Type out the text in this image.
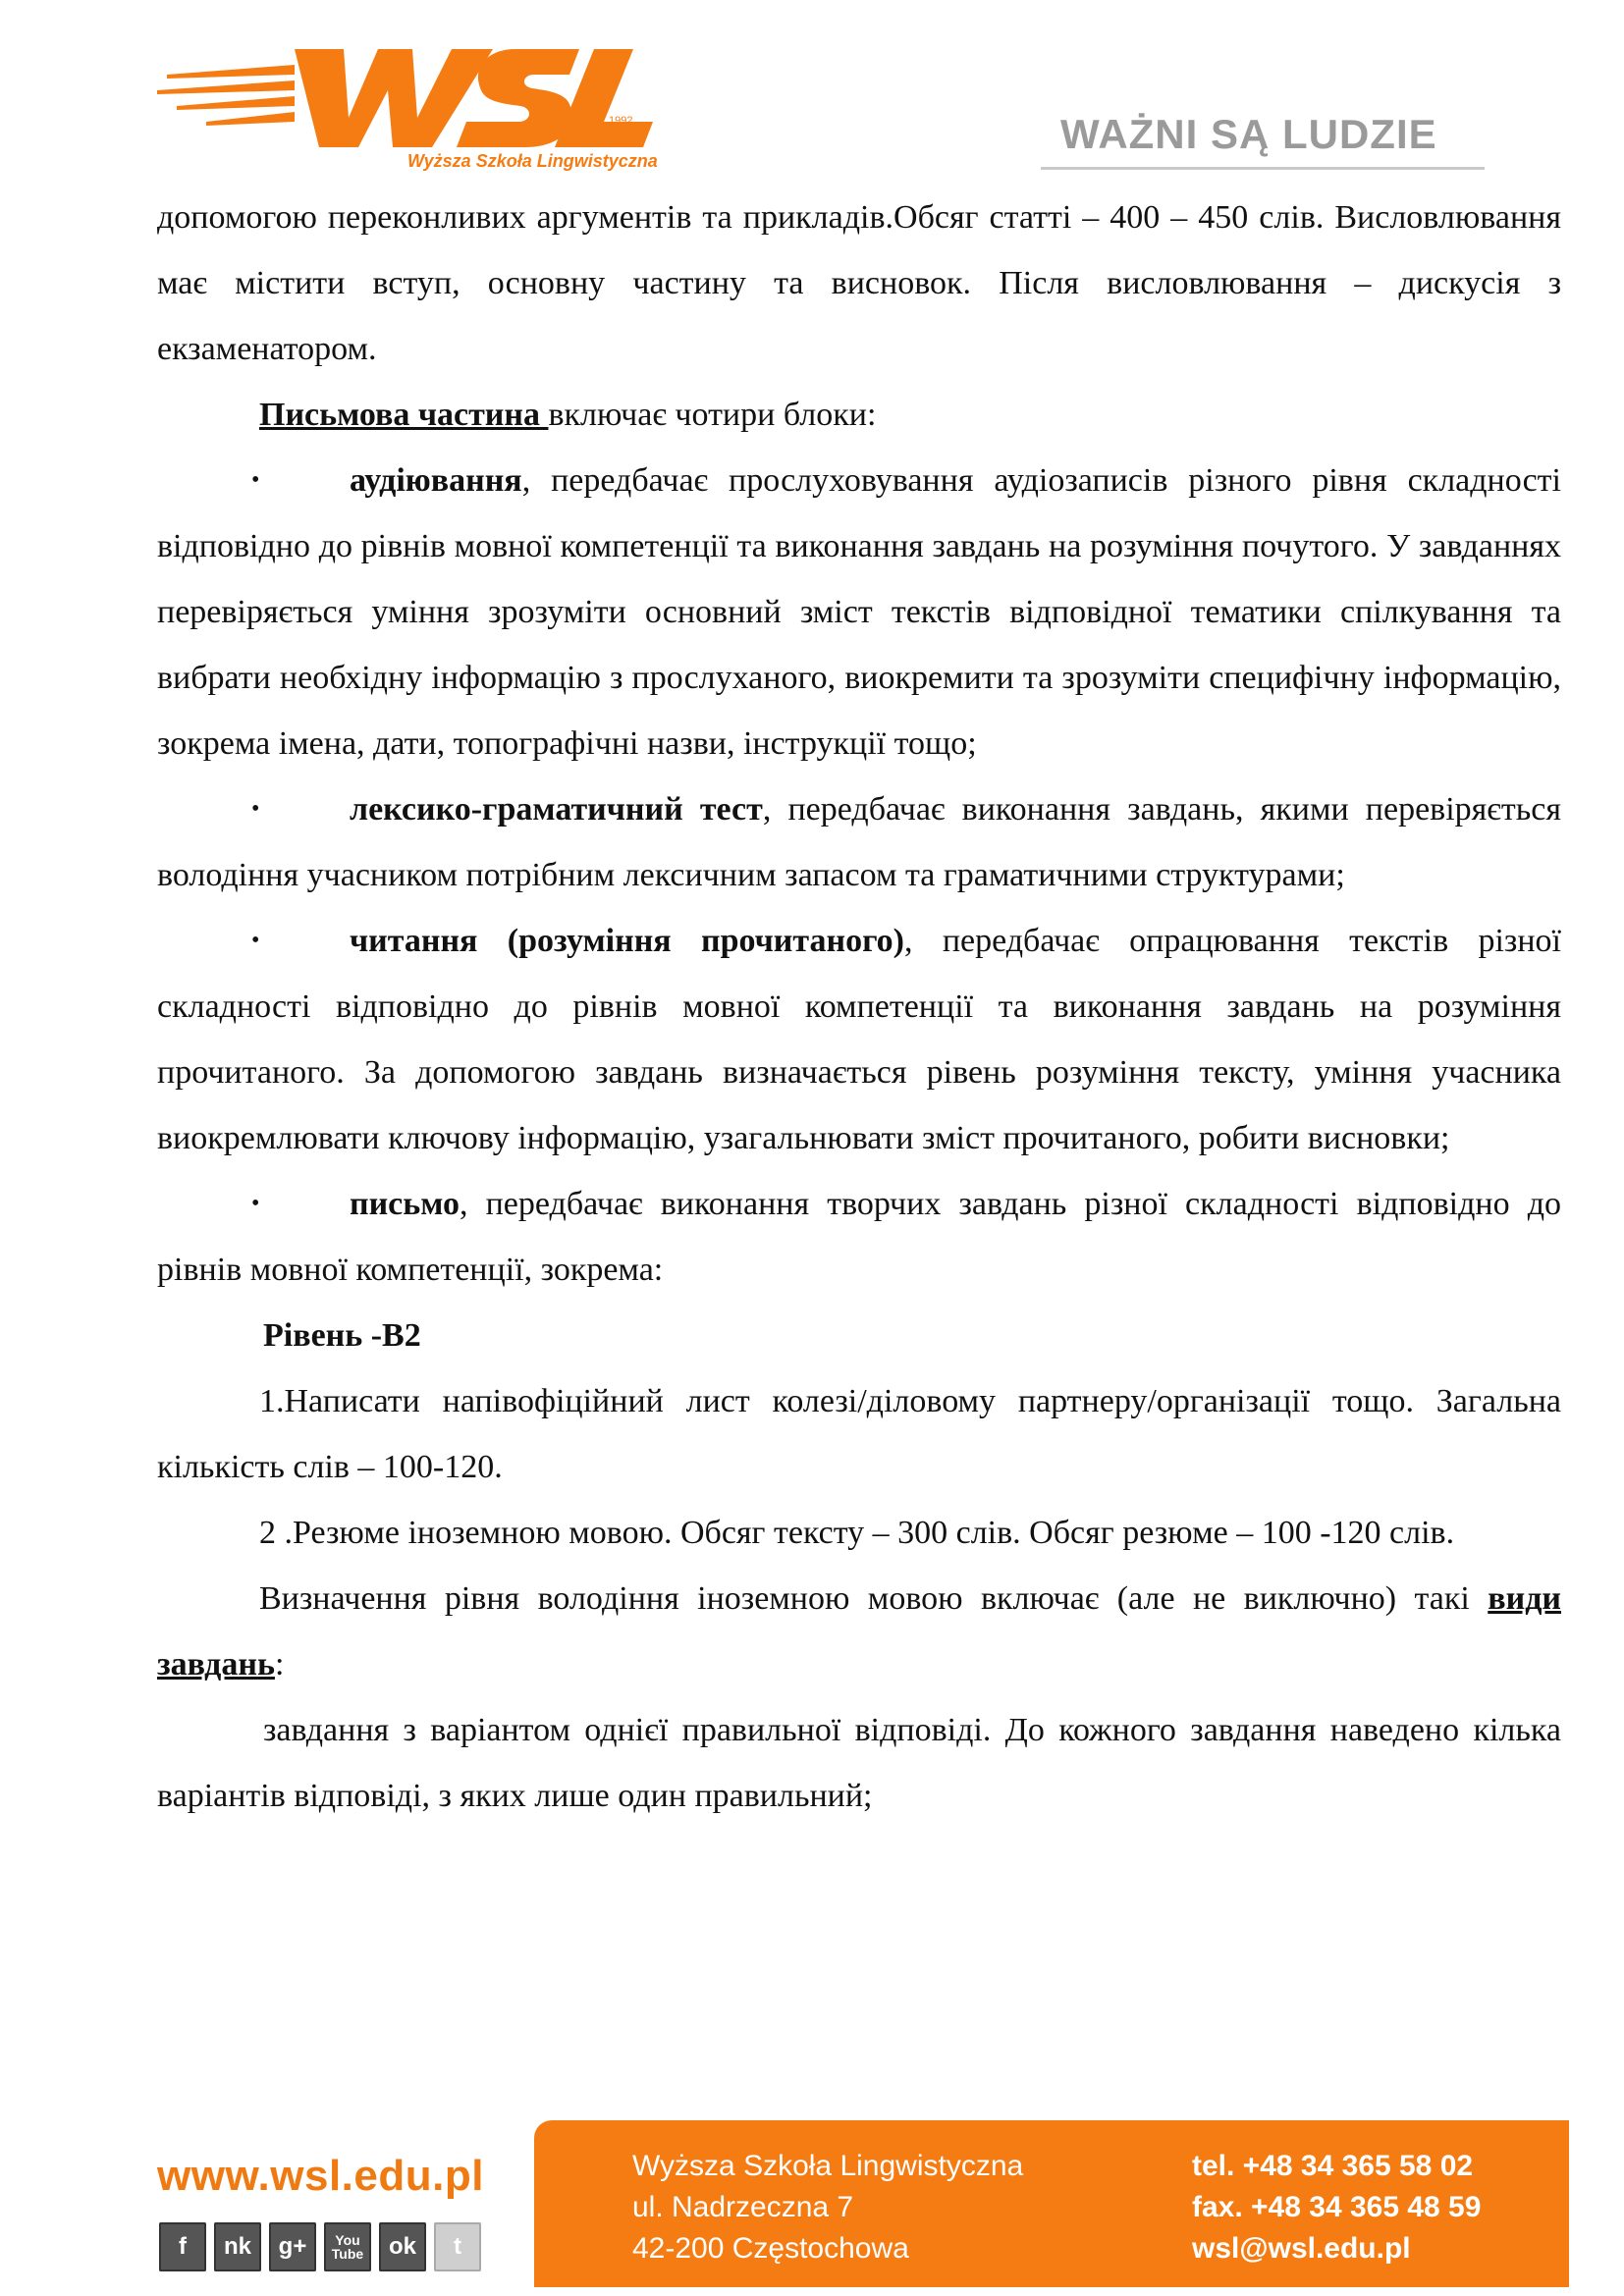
1992
Wyższa Szkoła Lingwistyczna
WAŻNI SĄ LUDZIE

допомогою переконливих аргументів та прикладів.Обсяг статті – 400 – 450 слів. Висловлювання має містити вступ, основну частину та висновок. Після висловлювання – дискусія з екзаменатором.

Письмова частина включає чотири блоки:

•	аудіювання, передбачає прослуховування аудіозаписів різного рівня складності відповідно до рівнів мовної компетенції та виконання завдань на розуміння почутого. У завданнях перевіряється уміння зрозуміти основний зміст текстів відповідної тематики спілкування та вибрати необхідну інформацію з прослуханого, виокремити та зрозуміти специфічну інформацію, зокрема імена, дати, топографічні назви, інструкції тощо;

•	лексико-граматичний тест, передбачає виконання завдань, якими перевіряється володіння учасником потрібним лексичним запасом та граматичними структурами;

•	читання (розуміння прочитаного), передбачає опрацювання текстів різної складності відповідно до рівнів мовної компетенції та виконання завдань на розуміння прочитаного. За допомогою завдань визначається рівень розуміння тексту, уміння учасника виокремлювати ключову інформацію, узагальнювати зміст прочитаного, робити висновки;

•	письмо, передбачає виконання творчих завдань різної складності відповідно до рівнів мовної компетенції, зокрема:

Рівень -В2

1.Написати напівофіційний лист колезі/діловому партнеру/організації тощо. Загальна кількість слів – 100-120.

2 .Резюме іноземною мовою. Обсяг тексту – 300 слів. Обсяг резюме – 100 -120 слів.

Визначення рівня володіння іноземною мовою включає (але не виключно) такі види завдань:

завдання з варіантом однієї правильної відповіді. До кожного завдання наведено кілька варіантів відповіді, з яких лише один правильний;

www.wsl.edu.pl
f	nk	g+	You Tube	ok	t
Wyższa Szkoła Lingwistyczna
ul. Nadrzeczna 7
42-200 Częstochowa
tel. +48 34 365 58 02
fax. +48 34 365 48 59
wsl@wsl.edu.pl
